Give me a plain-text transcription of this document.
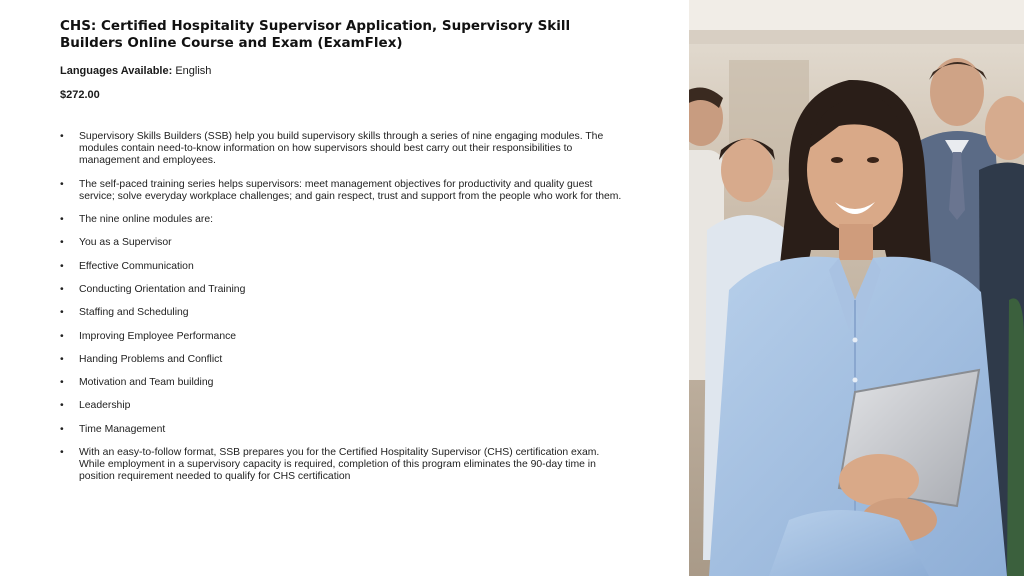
CHS: Certified Hospitality Supervisor Application, Supervisory Skill Builders Online Course and Exam (ExamFlex)
Languages Available: English
$272.00
• Supervisory Skills Builders (SSB) help you build supervisory skills through a series of nine engaging modules. The modules contain need-to-know information on how supervisors should best carry out their responsibilities to management and employees.
• The self-paced training series helps supervisors: meet management objectives for productivity and quality guest service; solve everyday workplace challenges; and gain respect, trust and support from the people who work for them.
• The nine online modules are:
• You as a Supervisor
• Effective Communication
• Conducting Orientation and Training
• Staffing and Scheduling
• Improving Employee Performance
• Handing Problems and Conflict
• Motivation and Team building
• Leadership
• Time Management
• With an easy-to-follow format, SSB prepares you for the Certified Hospitality Supervisor (CHS) certification exam. While employment in a supervisory capacity is required, completion of this program eliminates the 90-day time in position requirement needed to qualify for CHS certification
